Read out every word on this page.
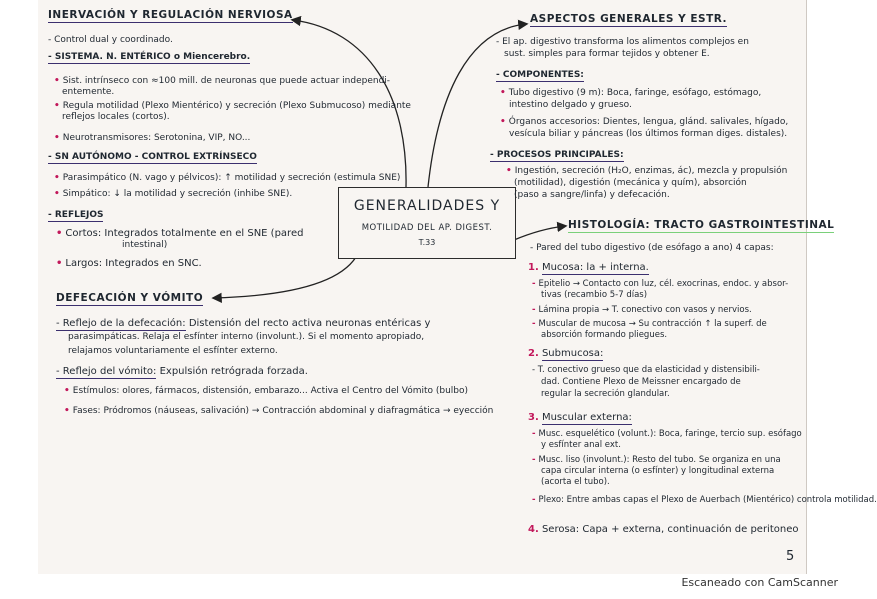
INERVACIÓN Y REGULACIÓN NERVIOSA
- Control dual y coordinado.
- SISTEMA. N. ENTÉRICO o Miencerebro.
• Sist. intrínseco con ≈100 mill. de neuronas que puede actuar independi-
entemente.
• Regula motilidad (Plexo Mientérico) y secreción (Plexo Submucoso) mediante
reflejos locales (cortos).
• Neurotransmisores: Serotonina, VIP, NO...
- SN AUTÓNOMO - CONTROL EXTRÍNSECO
• Parasimpático (N. vago y pélvicos): ↑ motilidad y secreción (estimula SNE)
• Simpático: ↓ la motilidad y secreción (inhibe SNE).
- REFLEJOS
• Cortos: Integrados totalmente en el SNE (pared
intestinal)
• Largos: Integrados en SNC.
DEFECACIÓN Y VÓMITO
- Reflejo de la defecación: Distensión del recto activa neuronas entéricas y
parasimpáticas. Relaja el esfínter interno (involunt.). Si el momento apropiado,
relajamos voluntariamente el esfínter externo.
- Reflejo del vómito: Expulsión retrógrada forzada.
• Estímulos: olores, fármacos, distensión, embarazo... Activa el Centro del Vómito (bulbo)
• Fases: Pródromos (náuseas, salivación) → Contracción abdominal y diafragmática → eyección
GENERALIDADES Y
MOTILIDAD DEL AP. DIGEST.
T.33
ASPECTOS GENERALES Y ESTR.
- El ap. digestivo transforma los alimentos complejos en
sust. simples para formar tejidos y obtener E.
- COMPONENTES:
• Tubo digestivo (9 m): Boca, faringe, esófago, estómago,
intestino delgado y grueso.
• Órganos accesorios: Dientes, lengua, glánd. salivales, hígado,
vesícula biliar y páncreas (los últimos forman diges. distales).
- PROCESOS PRINCIPALES:
• Ingestión, secreción (H₂O, enzimas, ác), mezcla y propulsión
(motilidad), digestión (mecánica y quím), absorción
(paso a sangre/linfa) y defecación.
HISTOLOGÍA: TRACTO GASTROINTESTINAL
- Pared del tubo digestivo (de esófago a ano) 4 capas:
1. Mucosa: la + interna.
- Epitelio → Contacto con luz, cél. exocrinas, endoc. y absor-
tivas (recambio 5-7 días)
- Lámina propia → T. conectivo con vasos y nervios.
- Muscular de mucosa → Su contracción ↑ la superf. de
absorción formando pliegues.
2. Submucosa:
- T. conectivo grueso que da elasticidad y distensibili-
dad. Contiene Plexo de Meissner encargado de
regular la secreción glandular.
3. Muscular externa:
- Musc. esquelético (volunt.): Boca, faringe, tercio sup. esófago
y esfínter anal ext.
- Musc. liso (involunt.): Resto del tubo. Se organiza en una
capa circular interna (o esfínter) y longitudinal externa
(acorta el tubo).
- Plexo: Entre ambas capas el Plexo de Auerbach (Mientérico) controla motilidad.
4. Serosa: Capa + externa, continuación de peritoneo
5
Escaneado con CamScanner
